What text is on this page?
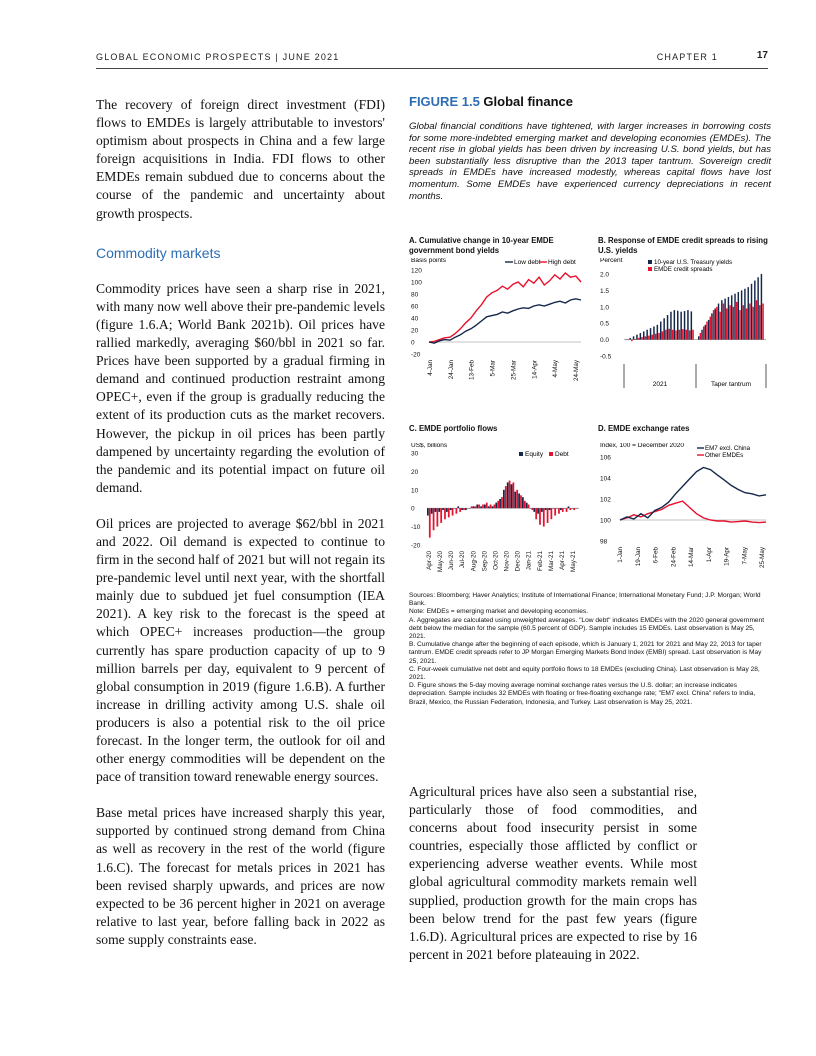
GLOBAL ECONOMIC PROSPECTS | JUNE 2021	CHAPTER 1	17

The recovery of foreign direct investment (FDI) flows to EMDEs is largely attributable to investors' optimism about prospects in China and a few large foreign acquisitions in India. FDI flows to other EMDEs remain subdued due to concerns about the course of the pandemic and uncertainty about growth prospects.

Commodity markets

Commodity prices have seen a sharp rise in 2021, with many now well above their pre-pandemic levels (figure 1.6.A; World Bank 2021b). Oil prices have rallied markedly, averaging $60/bbl in 2021 so far. Prices have been supported by a gradual firming in demand and continued production restraint among OPEC+, even if the group is gradually reducing the extent of its production cuts as the market recovers. However, the pickup in oil prices has been partly dampened by uncertainty regarding the evolution of the pandemic and its potential impact on future oil demand.

Oil prices are projected to average $62/bbl in 2021 and 2022. Oil demand is expected to continue to firm in the second half of 2021 but will not regain its pre-pandemic level until next year, with the shortfall mainly due to subdued jet fuel consumption (IEA 2021). A key risk to the forecast is the speed at which OPEC+ increases production—the group currently has spare production capacity of up to 9 million barrels per day, equivalent to 9 percent of global consumption in 2019 (figure 1.6.B). A further increase in drilling activity among U.S. shale oil producers is also a potential risk to the oil price forecast. In the longer term, the outlook for oil and other energy commodities will be dependent on the pace of transition toward renewable energy sources.

Base metal prices have increased sharply this year, supported by continued strong demand from China as well as recovery in the rest of the world (figure 1.6.C). The forecast for metals prices in 2021 has been revised sharply upwards, and prices are now expected to be 36 percent higher in 2021 on average relative to last year, before falling back in 2022 as some supply constraints ease.

FIGURE 1.5 Global finance
Global financial conditions have tightened, with larger increases in borrowing costs for some more-indebted emerging market and developing economies (EMDEs). The recent rise in global yields has been driven by increasing U.S. bond yields, but has been substantially less disruptive than the 2013 taper tantrum. Sovereign credit spreads in EMDEs have increased modestly, whereas capital flows have lost momentum. Some EMDEs have experienced currency depreciations in recent months.
A. Cumulative change in 10-year EMDE government bond yields
Basis points
120
100
80
60
40
20
0
-20
Low debt High debt
4-Jan 24-Jan 13-Feb 5-Mar 25-Mar 14-Apr 4-May 24-May
B. Response of EMDE credit spreads to rising U.S. yields
Percent
2.0
1.5
1.0
0.5
0.0
-0.5
2021	Taper tantrum
10-year U.S. Treasury yields
EMDE credit spreads
C. EMDE portfolio flows
US$, billions
30
20
10
0
-10
-20
Equity Debt
Apr-20 May-20 Jun-20 Jul-20 Aug-20 Sep-20 Oct-20 Nov-20 Dec-20 Jan-21 Feb-21 Mar-21 Apr-21 May-21
D. EMDE exchange rates
Index, 100 = December 2020
106
104
102
100
98
EM7 excl. China
Other EMDEs
1-Jan 19-Jan 6-Feb 24-Feb 14-Mar 1-Apr 19-Apr 7-May 25-May

Sources: Bloomberg; Haver Analytics; Institute of International Finance; International Monetary Fund; J.P. Morgan; World Bank.

Note: EMDEs = emerging market and developing economies.

A. Aggregates are calculated using unweighted averages. "Low debt" indicates EMDEs with the 2020 general government debt below the median for the sample (60.5 percent of GDP). Sample includes 15 EMDEs. Last observation is May 25, 2021.

B. Cumulative change after the beginning of each episode, which is January 1, 2021 for 2021 and May 22, 2013 for taper tantrum. EMDE credit spreads refer to JP Morgan Emerging Markets Bond Index (EMBI) spread. Last observation is May 25, 2021.

C. Four-week cumulative net debt and equity portfolio flows to 18 EMDEs (excluding China). Last observation is May 28, 2021.

D. Figure shows the 5-day moving average nominal exchange rates versus the U.S. dollar; an increase indicates depreciation. Sample includes 32 EMDEs with floating or free-floating exchange rate; "EM7 excl. China" refers to India, Brazil, Mexico, the Russian Federation, Indonesia, and Turkey. Last observation is May 25, 2021.

Agricultural prices have also seen a substantial rise, particularly those of food commodities, and concerns about food insecurity persist in some countries, especially those afflicted by conflict or experiencing adverse weather events. While most global agricultural commodity markets remain well supplied, production growth for the main crops has been below trend for the past few years (figure 1.6.D). Agricultural prices are expected to rise by 16 percent in 2021 before plateauing in 2022.
